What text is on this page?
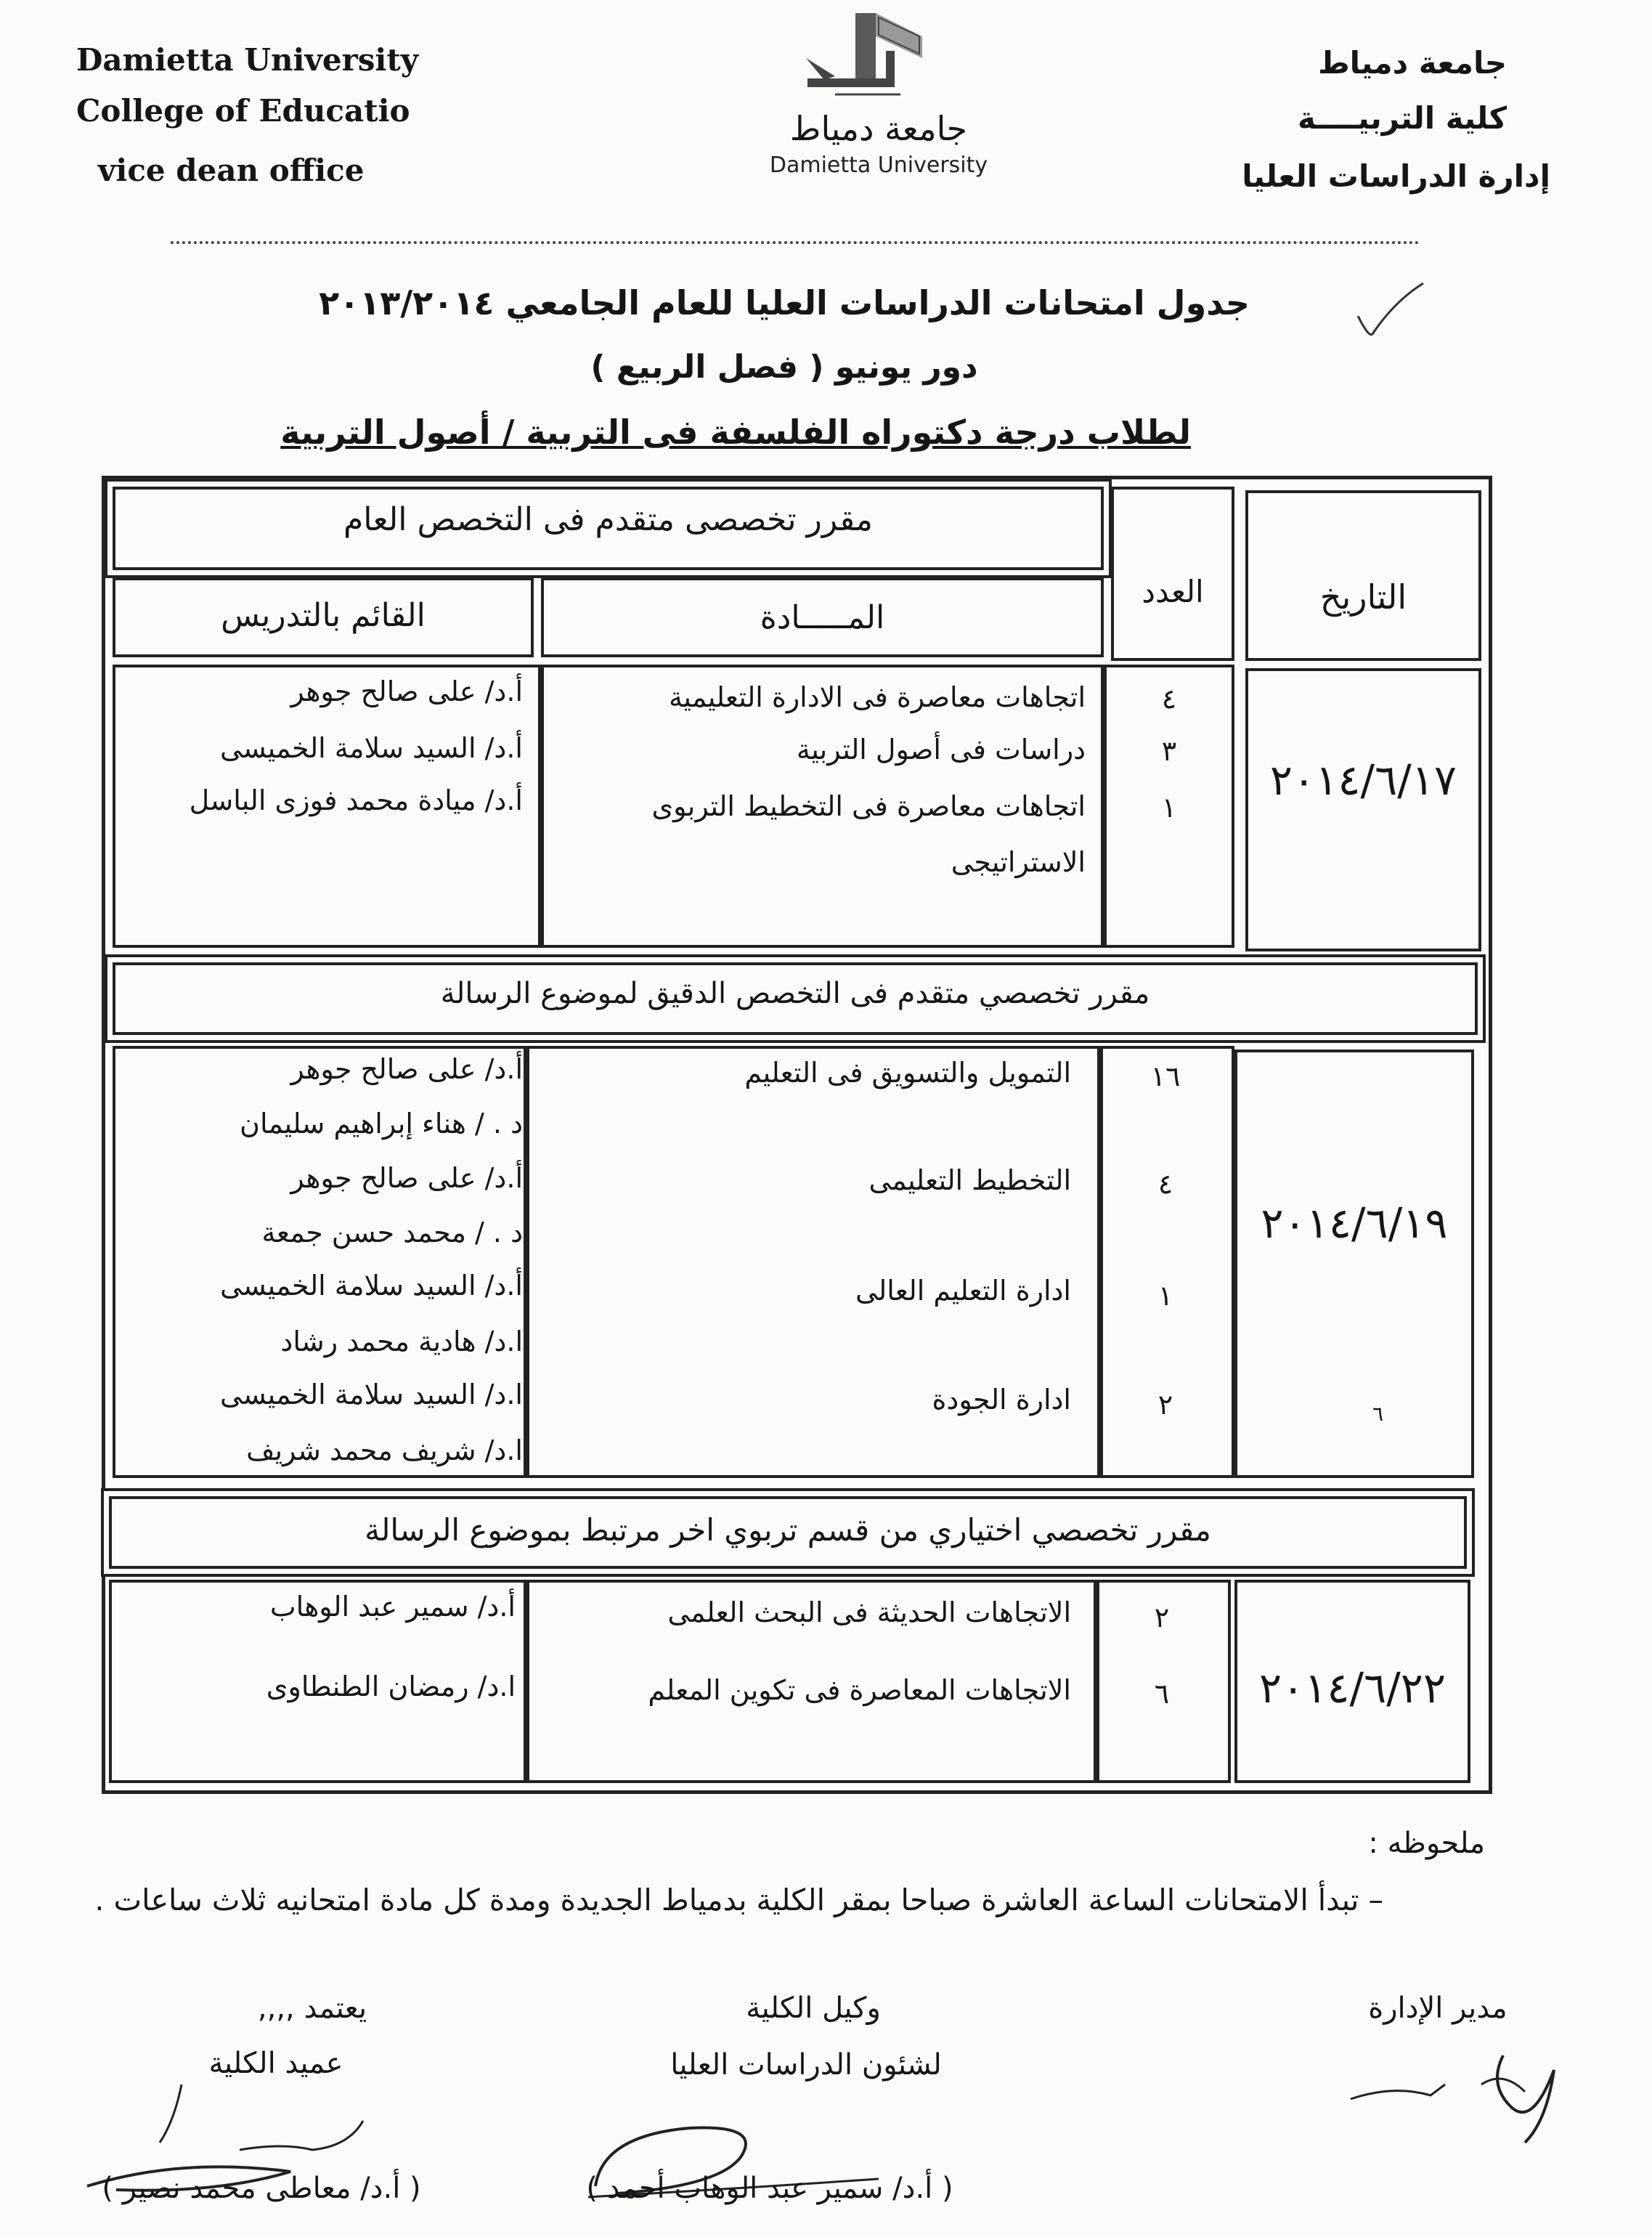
Damietta University
College of Educatio
vice dean office
جامعة دمياط
كلية التربيــــة
إدارة الدراسات العليا
جامعة دمياط
Damietta University
جدول امتحانات الدراسات العليا للعام الجامعي ٢٠١٣/٢٠١٤
دور يونيو ( فصل الربيع )
لطلاب درجة دكتوراه الفلسفة فى التربية / أصول التربية
مقرر تخصصى متقدم فى التخصص العام
العدد	التاريخ
القائم بالتدريس	المـــــادة
٢٠١٤/٦/١٧
٤
اتجاهات معاصرة فى الادارة التعليمية
أ.د/ على صالح جوهر
٣
دراسات فى أصول التربية
أ.د/ السيد سلامة الخميسى
١
اتجاهات معاصرة فى التخطيط التربوى
الاستراتيجى
أ.د/ ميادة محمد فوزى الباسل
مقرر تخصصي متقدم فى التخصص الدقيق لموضوع الرسالة
٢٠١٤/٦/١٩
٦
١٦
التمويل والتسويق فى التعليم
أ.د/ على صالح جوهر
د . / هناء إبراهيم سليمان
٤
التخطيط التعليمى
أ.د/ على صالح جوهر
د . / محمد حسن جمعة
١
ادارة التعليم العالى
أ.د/ السيد سلامة الخميسى
ا.د/ هادية محمد رشاد
٢
ادارة الجودة
ا.د/ السيد سلامة الخميسى
ا.د/ شريف محمد شريف
مقرر تخصصي اختياري من قسم تربوي اخر مرتبط بموضوع الرسالة
٢٠١٤/٦/٢٢
٢
الاتجاهات الحديثة فى البحث العلمى
أ.د/ سمير عبد الوهاب
٦
الاتجاهات المعاصرة فى تكوين المعلم
ا.د/ رمضان الطنطاوى
ملحوظه :
– تبدأ الامتحانات الساعة العاشرة صباحا بمقر الكلية بدمياط الجديدة ومدة كل مادة امتحانيه ثلاث ساعات .
مدير الإدارة
وكيل الكلية
لشئون الدراسات العليا
( أ.د/ سمير عبد الوهاب أحمد )
يعتمد ,,,,
عميد الكلية
( أ.د/ معاطى محمد نصير )
